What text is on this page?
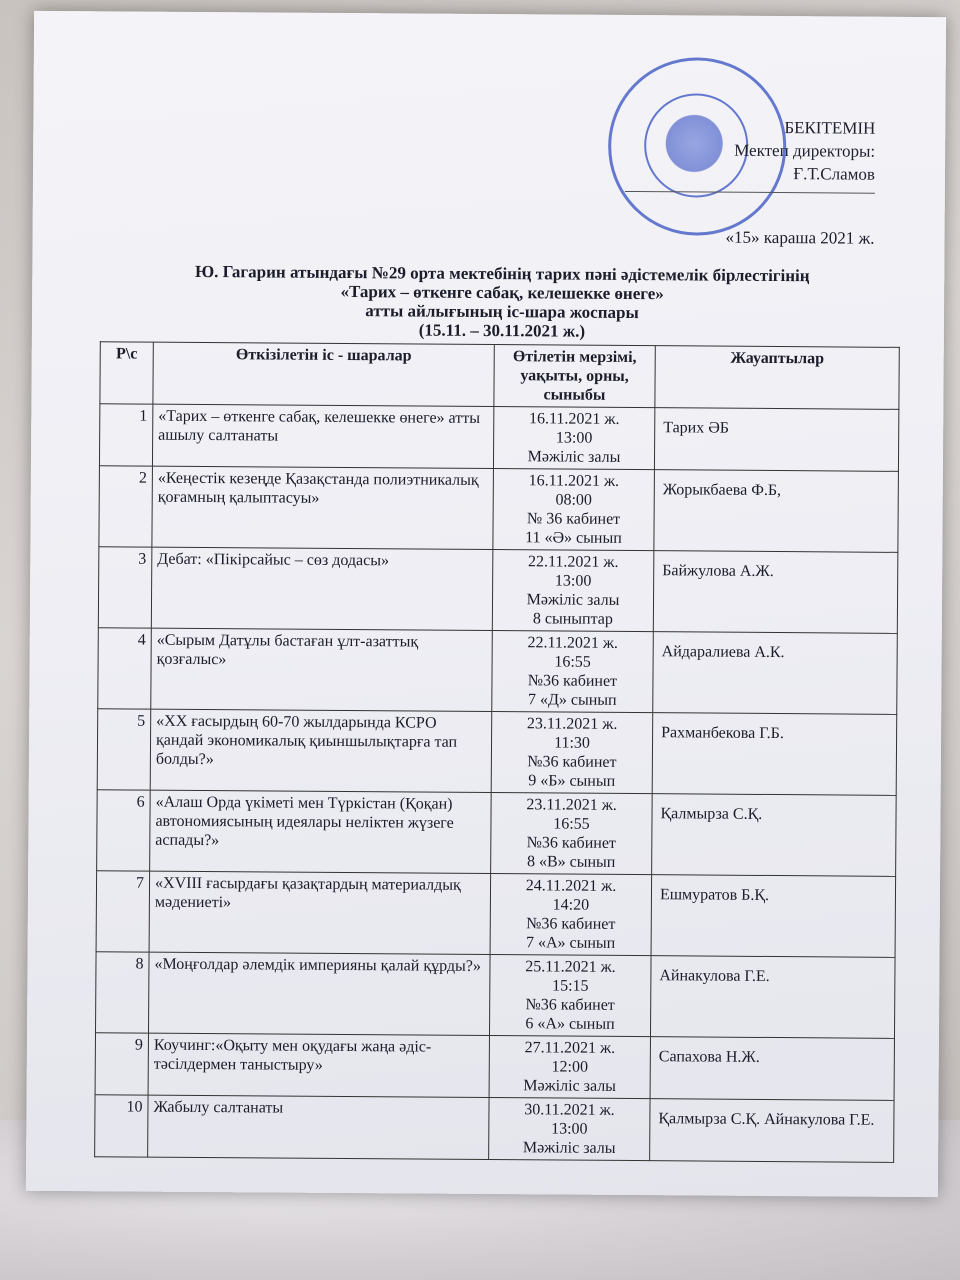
БЕКІТЕМІН
Мектеп директоры:
Ғ.Т.Сламов
«15» караша 2021 ж.
Ю. Гагарин атындағы №29 орта мектебінің тарих пәні әдістемелік бірлестігінің
«Тарих – өткенге сабақ, келешекке өнеге»
атты айлығының іс-шара жоспары
(15.11. – 30.11.2021 ж.)
Р\с	Өткізілетін іс - шаралар	Өтілетін мерзімі, уақыты, орны, сыныбы	Жауаптылар
1	«Тарих – өткенге сабақ, келешекке өнеге» атты ашылу салтанаты	16.11.2021 ж.
13:00
Мәжіліс залы	Тарих ӘБ
2	«Кеңестік кезеңде Қазақстанда полиэтникалық қоғамның қалыптасуы»	16.11.2021 ж.
08:00
№ 36 кабинет
11 «Ә» сынып	Жорыкбаева Ф.Б,
3	Дебат: «Пікірсайыс – сөз додасы»	22.11.2021 ж.
13:00
Мәжіліс залы
8 сыныптар	Байжулова А.Ж.
4	«Сырым Датұлы бастаған ұлт-азаттық қозғалыс»	22.11.2021 ж.
16:55
№36 кабинет
7 «Д» сынып	Айдаралиева А.К.
5	«XX ғасырдың 60-70 жылдарында КСРО қандай экономикалық қиыншылықтарға тап болды?»	23.11.2021 ж.
11:30
№36 кабинет
9 «Б» сынып	Рахманбекова Г.Б.
6	«Алаш Орда үкіметі мен Түркістан (Қоқан) автономиясының идеялары неліктен жүзеге аспады?»	23.11.2021 ж.
16:55
№36 кабинет
8 «В» сынып	Қалмырза С.Қ.
7	«XVIII ғасырдағы қазақтардың материалдық мәдениеті»	24.11.2021 ж.
14:20
№36 кабинет
7 «А» сынып	Ешмуратов Б.Қ.
8	«Моңғолдар әлемдік империяны қалай құрды?»	25.11.2021 ж.
15:15
№36 кабинет
6 «А» сынып	Айнакулова Г.Е.
9	Коучинг:«Оқыту мен оқудағы жаңа әдіс-тәсілдермен таныстыру»	27.11.2021 ж.
12:00
Мәжіліс залы	Сапахова Н.Ж.
10	Жабылу салтанаты	30.11.2021 ж.
13:00
Мәжіліс залы	Қалмырза С.Қ. Айнакулова Г.Е.
